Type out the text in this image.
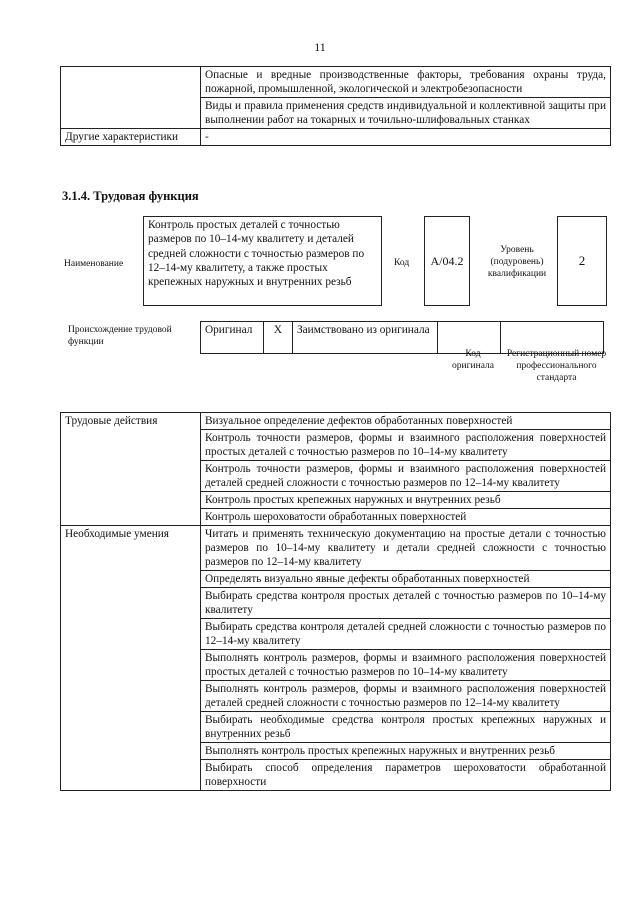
11
	Опасные и вредные производственные факторы, требования охраны труда, пожарной, промышленной, экологической и электробезопасности
	Виды и правила применения средств индивидуальной и коллективной защиты при выполнении работ на токарных и точильно-шлифовальных станках
Другие характеристики	-
3.1.4. Трудовая функция
Наименование
Контроль простых деталей с точностью размеров по 10–14-му квалитету и деталей средней сложности с точностью размеров по 12–14-му квалитету, а также простых крепежных наружных и внутренних резьб
Код	A/04.2
Уровень (подуровень) квалификации
2
Происхождение трудовой функции
Оригинал	X	Заимствовано из оригинала		
Код оригинала
Регистрационный номер профессионального стандарта
Трудовые действия	Визуальное определение дефектов обработанных поверхностей
	Контроль точности размеров, формы и взаимного расположения поверхностей простых деталей с точностью размеров по 10–14-му квалитету
	Контроль точности размеров, формы и взаимного расположения поверхностей деталей средней сложности с точностью размеров по 12–14-му квалитету
	Контроль простых крепежных наружных и внутренних резьб
	Контроль шероховатости обработанных поверхностей
Необходимые умения	Читать и применять техническую документацию на простые детали с точностью размеров по 10–14-му квалитету и детали средней сложности с точностью размеров по 12–14-му квалитету
	Определять визуально явные дефекты обработанных поверхностей
	Выбирать средства контроля простых деталей с точностью размеров по 10–14-му квалитету
	Выбирать средства контроля деталей средней сложности с точностью размеров по 12–14-му квалитету
	Выполнять контроль размеров, формы и взаимного расположения поверхностей простых деталей с точностью размеров по 10–14-му квалитету
	Выполнять контроль размеров, формы и взаимного расположения поверхностей деталей средней сложности с точностью размеров по 12–14-му квалитету
	Выбирать необходимые средства контроля простых крепежных наружных и внутренних резьб
	Выполнять контроль простых крепежных наружных и внутренних резьб
	Выбирать способ определения параметров шероховатости обработанной поверхности
